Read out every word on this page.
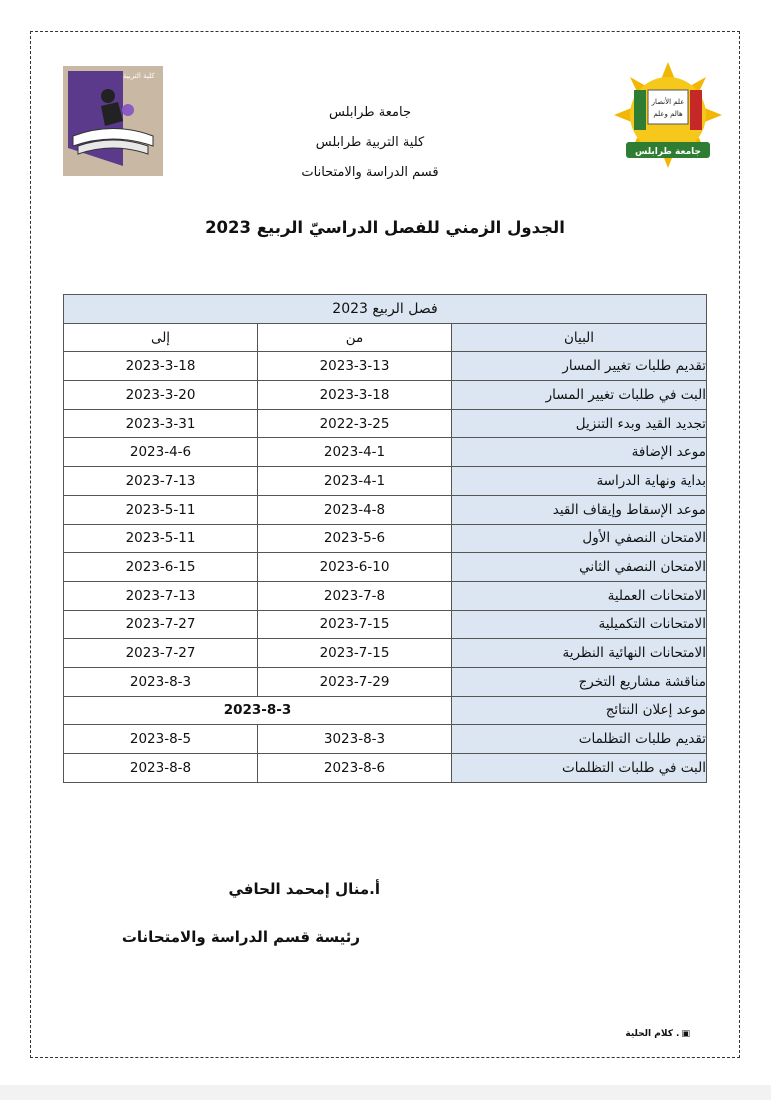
كلية التربية
علم الأنصار
هالم وعلم
جامعة طرابلس
جامعة طرابلس
كلية التربية طرابلس
قسم الدراسة والامتحانات
الجدول الزمني للفصل الدراسيّ الربيع 2023
فصل الربيع 2023		
البيان	من	إلى
تقديم طلبات تغيير المسار	2023-3-13	2023-3-18
البت في طلبات تغيير المسار	2023-3-18	2023-3-20
تجديد القيد وبدء التنزيل	2022-3-25	2023-3-31
موعد الإضافة	2023-4-1	2023-4-6
بداية ونهاية الدراسة	2023-4-1	2023-7-13
موعد الإسقاط وإيقاف القيد	2023-4-8	2023-5-11
الامتحان النصفي الأول	2023-5-6	2023-5-11
الامتحان النصفي الثاني	2023-6-10	2023-6-15
الامتحانات العملية	2023-7-8	2023-7-13
الامتحانات التكميلية	2023-7-15	2023-7-27
الامتحانات النهائية النظرية	2023-7-15	2023-7-27
مناقشة مشاريع التخرج	2023-7-29	2023-8-3
موعد إعلان النتائج	2023-8-3	
تقديم طلبات التظلمات	3023-8-3	2023-8-5
البت في طلبات التظلمات	2023-8-6	2023-8-8
أ.منال إمحمد الحافي
رئيسة قسم الدراسة والامتحانات
▣. كلام الحلية
